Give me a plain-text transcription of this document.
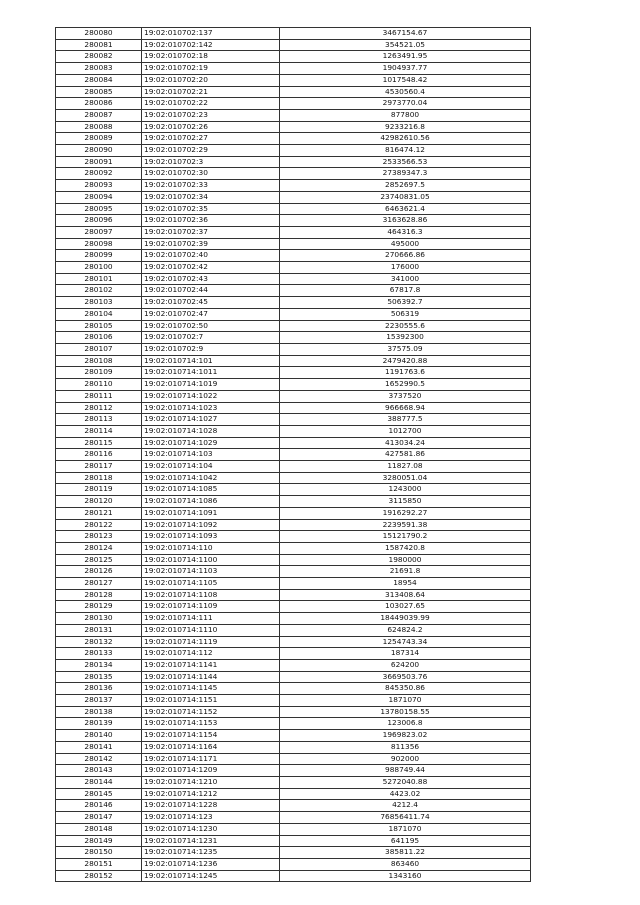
280080	19:02:010702:137	3467154.67
280081	19:02:010702:142	354521.05
280082	19:02:010702:18	1263491.95
280083	19:02:010702:19	1904937.77
280084	19:02:010702:20	1017548.42
280085	19:02:010702:21	4530560.4
280086	19:02:010702:22	2973770.04
280087	19:02:010702:23	877800
280088	19:02:010702:26	9233216.8
280089	19:02:010702:27	42982610.56
280090	19:02:010702:29	816474.12
280091	19:02:010702:3	2533566.53
280092	19:02:010702:30	27389347.3
280093	19:02:010702:33	2852697.5
280094	19:02:010702:34	23740831.05
280095	19:02:010702:35	6463621.4
280096	19:02:010702:36	3163628.86
280097	19:02:010702:37	464316.3
280098	19:02:010702:39	495000
280099	19:02:010702:40	270666.86
280100	19:02:010702:42	176000
280101	19:02:010702:43	341000
280102	19:02:010702:44	67817.8
280103	19:02:010702:45	506392.7
280104	19:02:010702:47	506319
280105	19:02:010702:50	2230555.6
280106	19:02:010702:7	15392300
280107	19:02:010702:9	37575.09
280108	19:02:010714:101	2479420.88
280109	19:02:010714:1011	1191763.6
280110	19:02:010714:1019	1652990.5
280111	19:02:010714:1022	3737520
280112	19:02:010714:1023	966668.94
280113	19:02:010714:1027	388777.5
280114	19:02:010714:1028	1012700
280115	19:02:010714:1029	413034.24
280116	19:02:010714:103	427581.86
280117	19:02:010714:104	11827.08
280118	19:02:010714:1042	3280051.04
280119	19:02:010714:1085	1243000
280120	19:02:010714:1086	3115850
280121	19:02:010714:1091	1916292.27
280122	19:02:010714:1092	2239591.38
280123	19:02:010714:1093	15121790.2
280124	19:02:010714:110	1587420.8
280125	19:02:010714:1100	1980000
280126	19:02:010714:1103	21691.8
280127	19:02:010714:1105	18954
280128	19:02:010714:1108	313408.64
280129	19:02:010714:1109	103027.65
280130	19:02:010714:111	18449039.99
280131	19:02:010714:1110	624824.2
280132	19:02:010714:1119	1254743.34
280133	19:02:010714:112	187314
280134	19:02:010714:1141	624200
280135	19:02:010714:1144	3669503.76
280136	19:02:010714:1145	845350.86
280137	19:02:010714:1151	1871070
280138	19:02:010714:1152	13780158.55
280139	19:02:010714:1153	123006.8
280140	19:02:010714:1154	1969823.02
280141	19:02:010714:1164	811356
280142	19:02:010714:1171	902000
280143	19:02:010714:1209	988749.44
280144	19:02:010714:1210	5272040.88
280145	19:02:010714:1212	4423.02
280146	19:02:010714:1228	4212.4
280147	19:02:010714:123	76856411.74
280148	19:02:010714:1230	1871070
280149	19:02:010714:1231	641195
280150	19:02:010714:1235	385811.22
280151	19:02:010714:1236	863460
280152	19:02:010714:1245	1343160
